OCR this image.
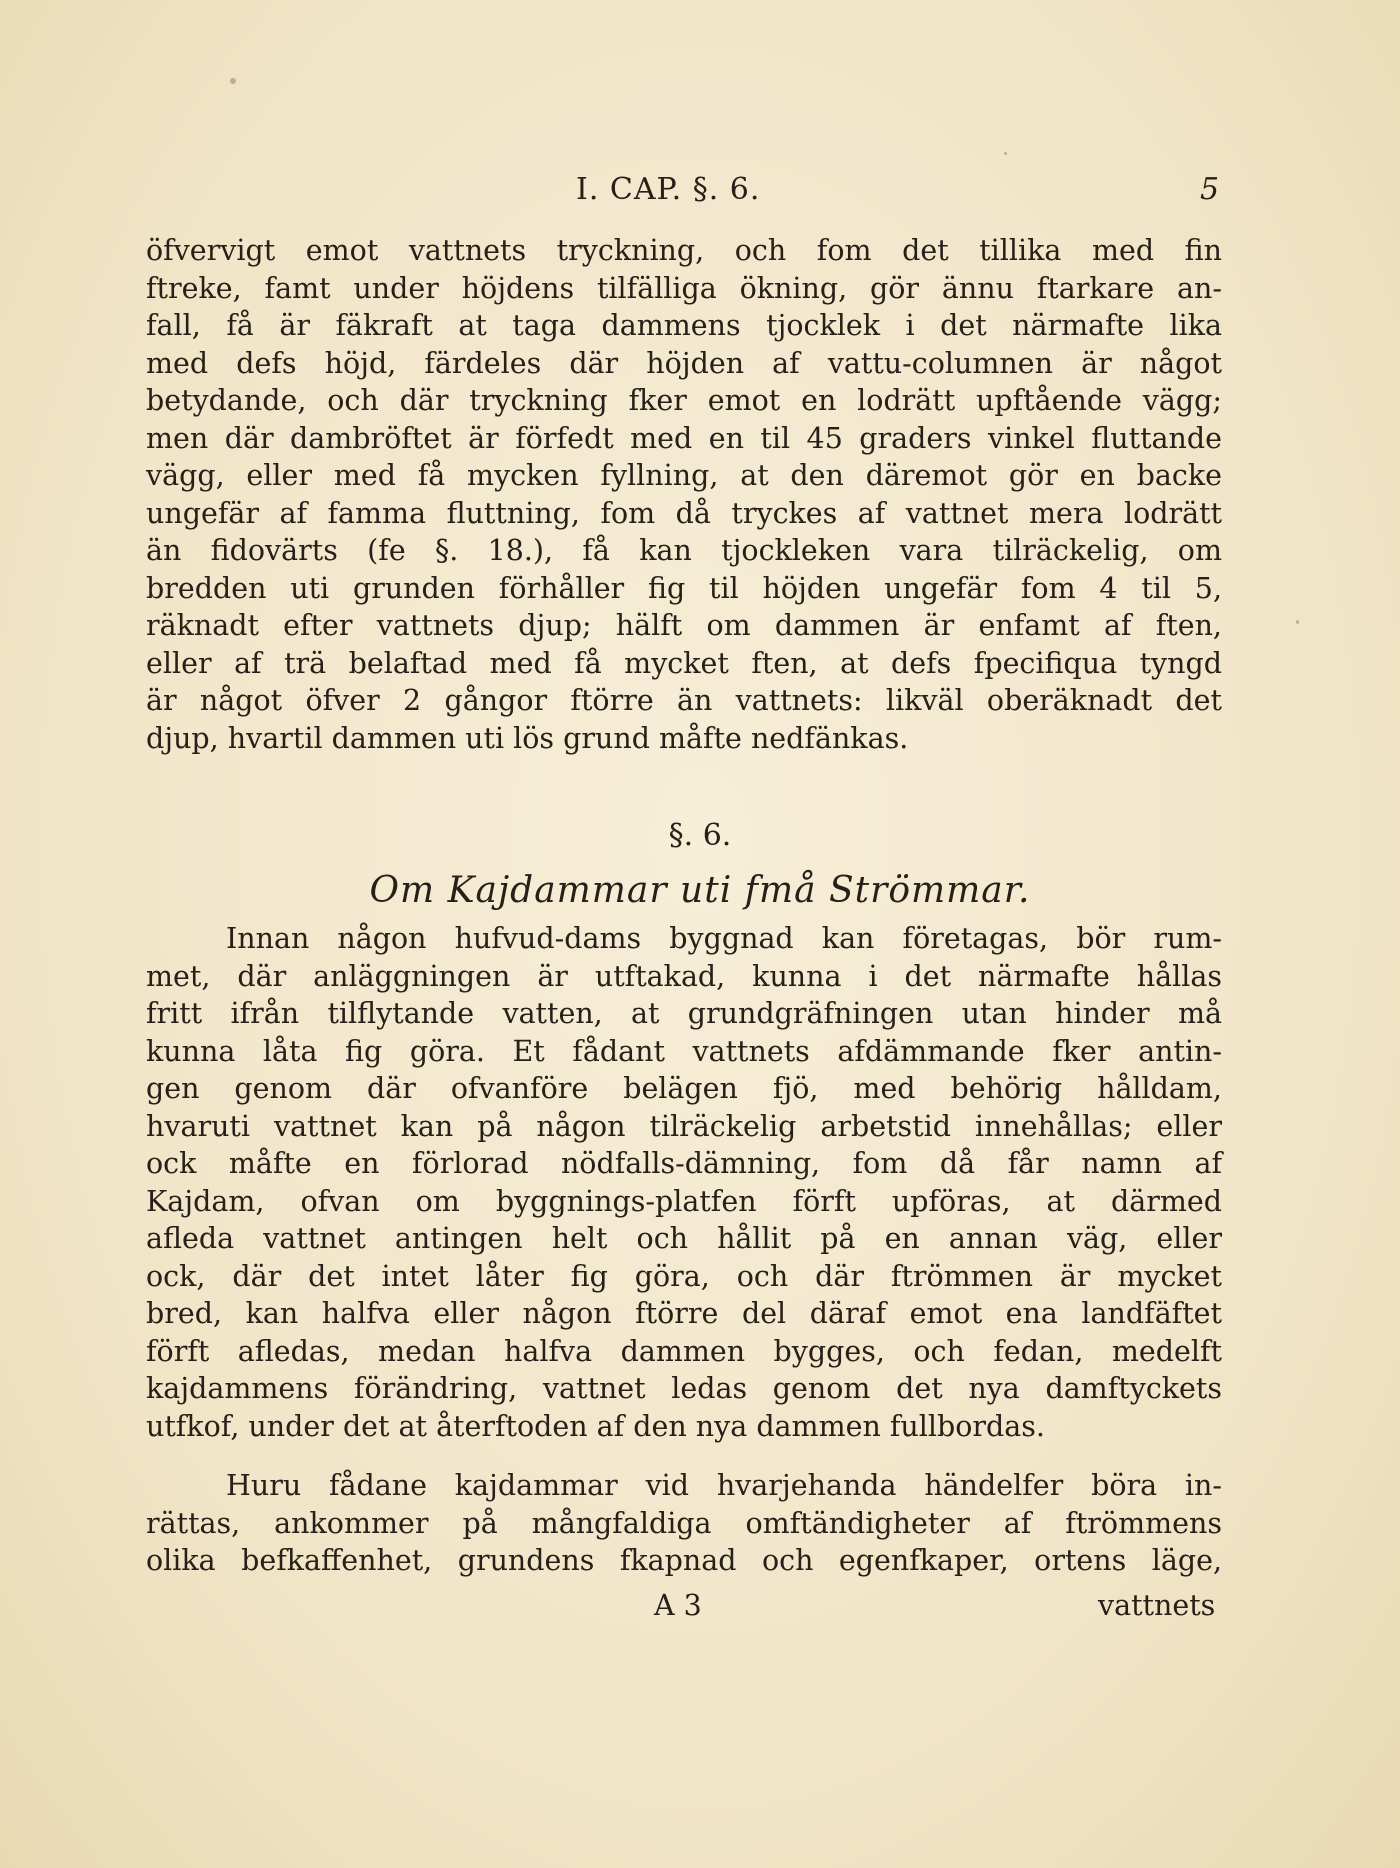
I. CAP. §. 6.	5
öfvervigt emot vattnets tryckning, och fom det tillika med fin
ftreke, famt under höjdens tilfälliga ökning, gör ännu ftarkare an-
fall, få är fäkraft at taga dammens tjocklek i det närmafte lika
med defs höjd, färdeles där höjden af vattu-columnen är något
betydande, och där tryckning fker emot en lodrätt upftående vägg;
men där dambröftet är förfedt med en til 45 graders vinkel fluttande
vägg, eller med få mycken fyllning, at den däremot gör en backe
ungefär af famma fluttning, fom då tryckes af vattnet mera lodrätt
än fidovärts (fe §. 18.), få kan tjockleken vara tilräckelig, om
bredden uti grunden förhåller fig til höjden ungefär fom 4 til 5,
räknadt efter vattnets djup; hälft om dammen är enfamt af ften,
eller af trä belaftad med få mycket ften, at defs fpecifiqua tyngd
är något öfver 2 gångor ftörre än vattnets: likväl oberäknadt det
djup, hvartil dammen uti lös grund måfte nedfänkas.
§. 6.
Om Kajdammar uti fmå Strömmar.
Innan någon hufvud-dams byggnad kan företagas, bör rum-
met, där anläggningen är utftakad, kunna i det närmafte hållas
fritt ifrån tilflytande vatten, at grundgräfningen utan hinder må
kunna låta fig göra. Et fådant vattnets afdämmande fker antin-
gen genom där ofvanföre belägen fjö, med behörig hålldam,
hvaruti vattnet kan på någon tilräckelig arbetstid innehållas; eller
ock måfte en förlorad nödfalls-dämning, fom då får namn af
Kajdam, ofvan om byggnings-platfen förft upföras, at därmed
afleda vattnet antingen helt och hållit på en annan väg, eller
ock, där det intet låter fig göra, och där ftrömmen är mycket
bred, kan halfva eller någon ftörre del däraf emot ena landfäftet
förft afledas, medan halfva dammen bygges, och fedan, medelft
kajdammens förändring, vattnet ledas genom det nya damftyckets
utfkof, under det at återftoden af den nya dammen fullbordas.
Huru fådane kajdammar vid hvarjehanda händelfer böra in-
rättas, ankommer på mångfaldiga omftändigheter af ftrömmens
olika befkaffenhet, grundens fkapnad och egenfkaper, ortens läge,
A 3	vattnets
